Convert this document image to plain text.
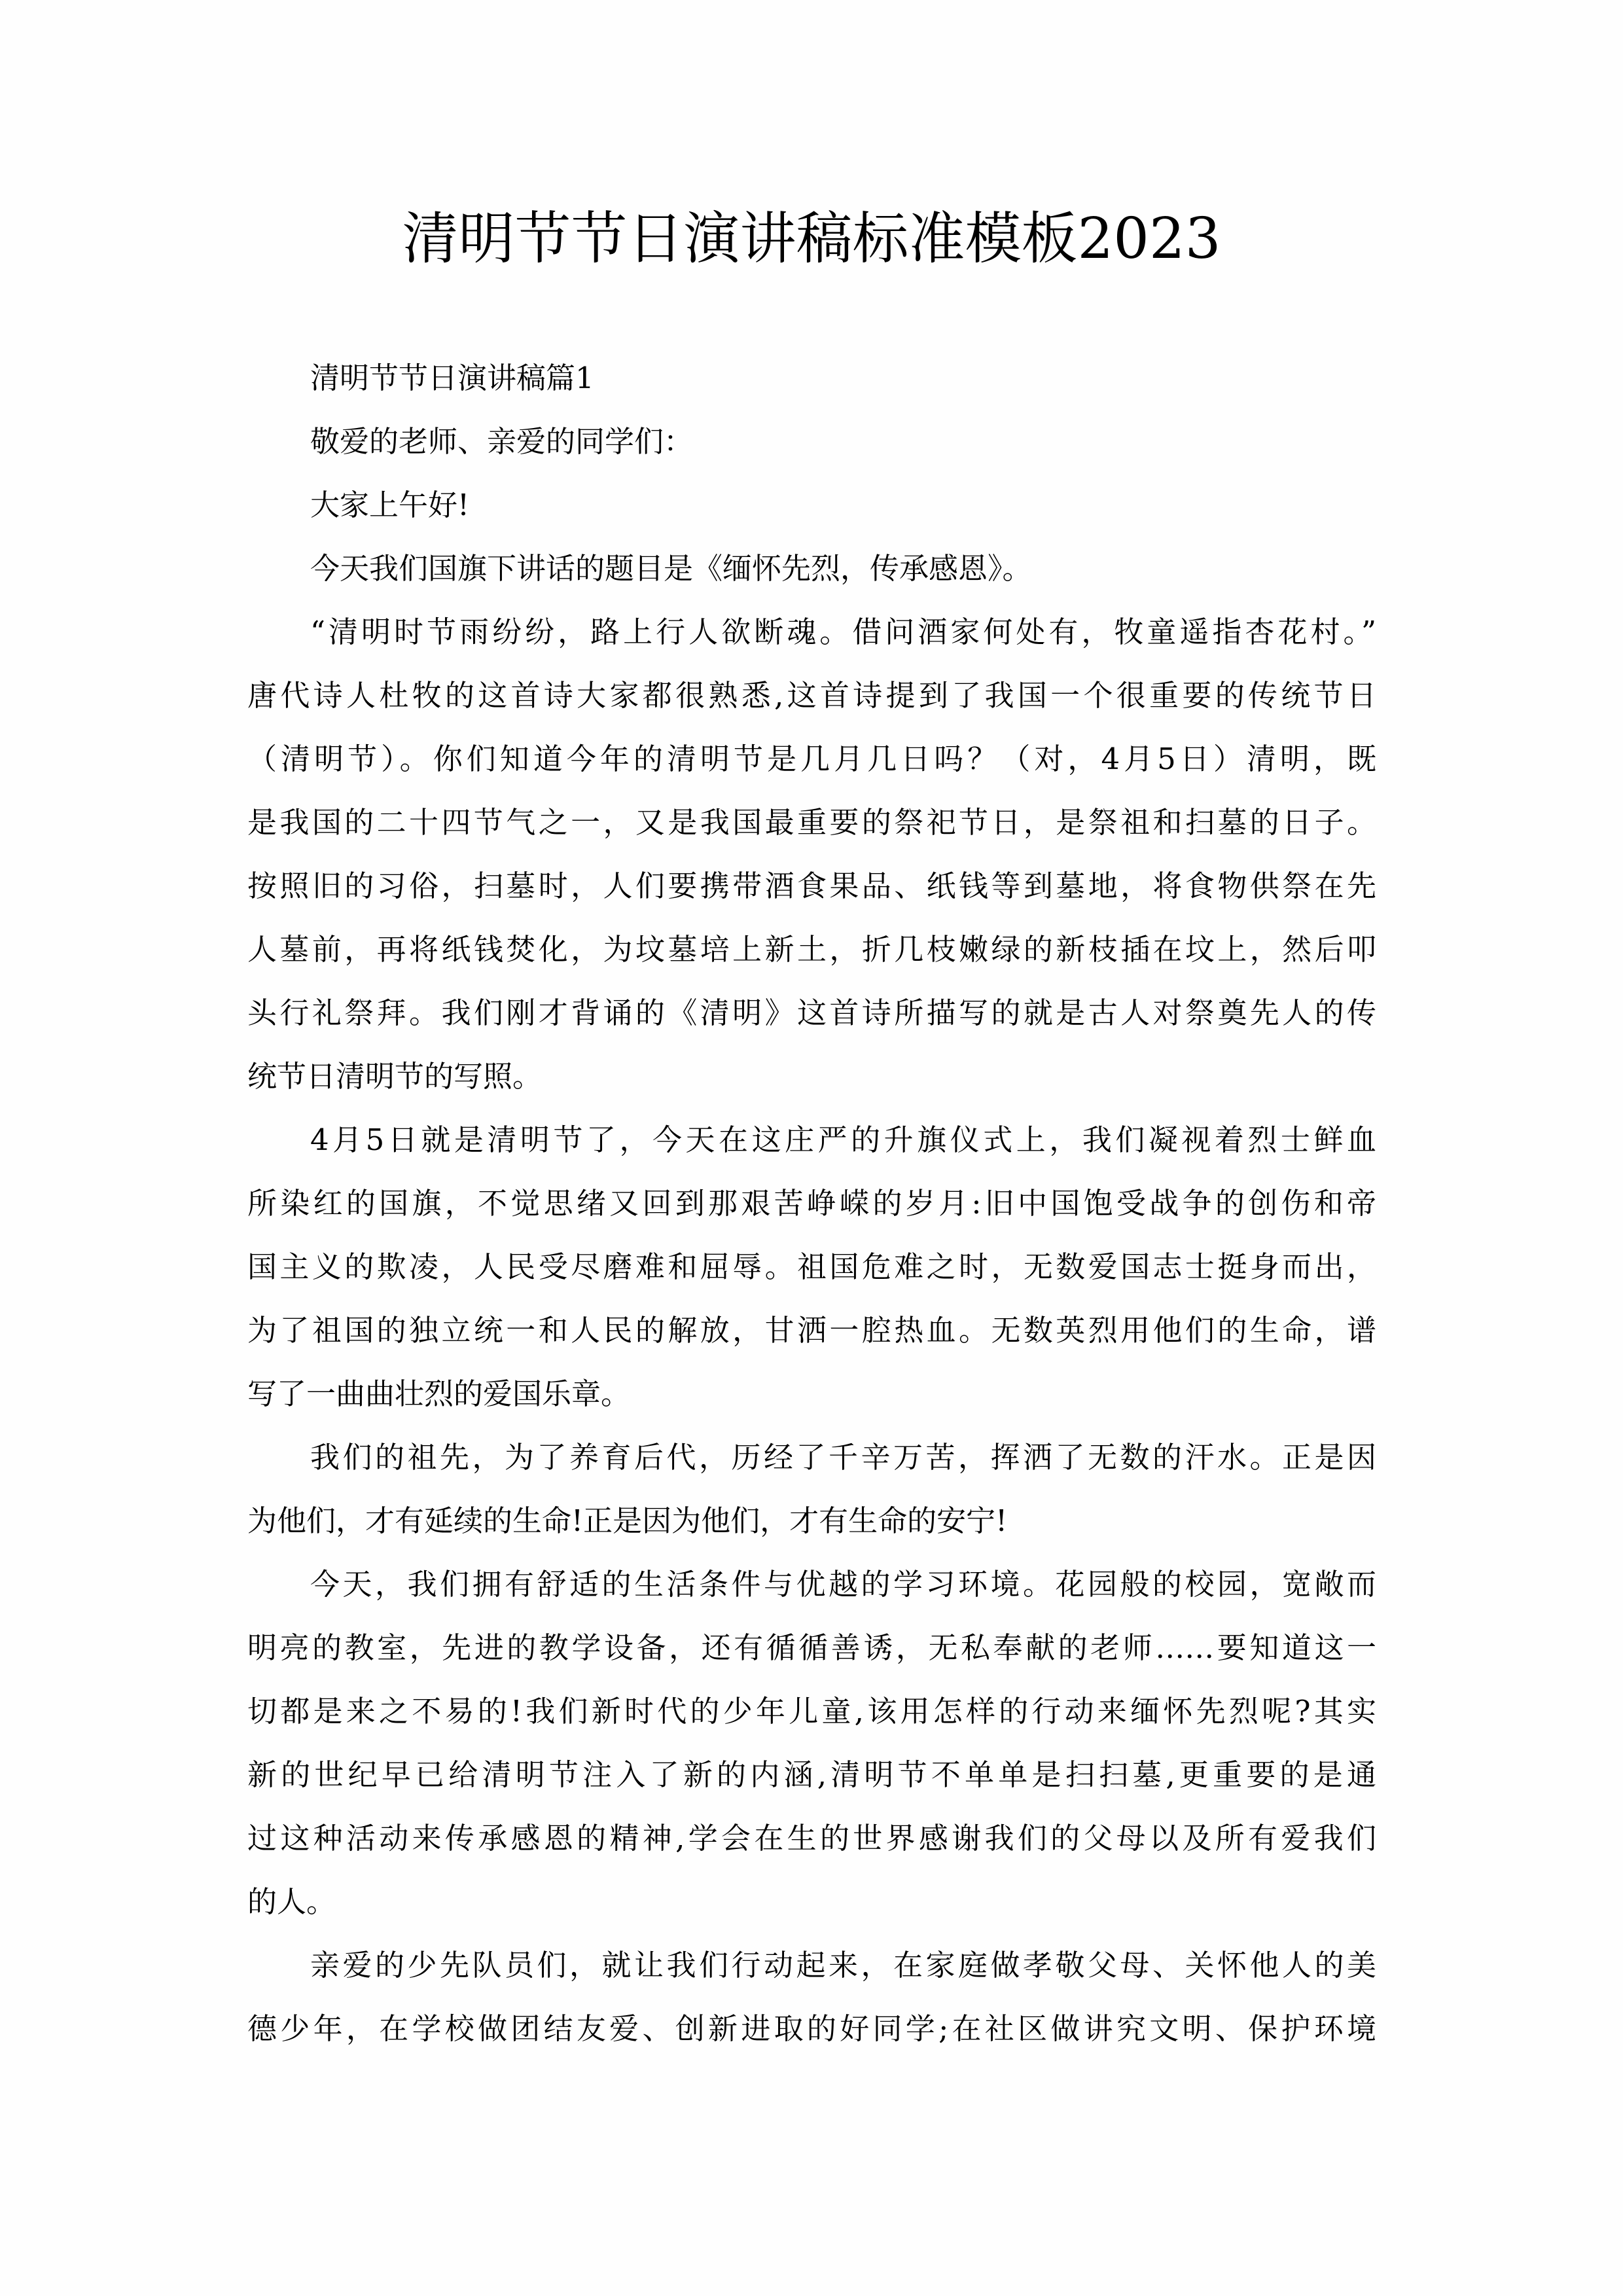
清明节节日演讲稿标准模板2023
清明节节日演讲稿篇1
敬爱的老师、亲爱的同学们：
大家上午好!
今天我们国旗下讲话的题目是《缅怀先烈，传承感恩》。
“清明时节雨纷纷，路上行人欲断魂。借问酒家何处有，牧童遥指杏花村。”
唐代诗人杜牧的这首诗大家都很熟悉,这首诗提到了我国一个很重要的传统节日
（清明节）。你们知道今年的清明节是几月几日吗？（对，4月5日）清明，既
是我国的二十四节气之一，又是我国最重要的祭祀节日，是祭祖和扫墓的日子。
按照旧的习俗，扫墓时，人们要携带酒食果品、纸钱等到墓地，将食物供祭在先
人墓前，再将纸钱焚化，为坟墓培上新土，折几枝嫩绿的新枝插在坟上，然后叩
头行礼祭拜。我们刚才背诵的《清明》这首诗所描写的就是古人对祭奠先人的传
统节日清明节的写照。
4月5日就是清明节了，今天在这庄严的升旗仪式上，我们凝视着烈士鲜血
所染红的国旗，不觉思绪又回到那艰苦峥嵘的岁月:旧中国饱受战争的创伤和帝
国主义的欺凌，人民受尽磨难和屈辱。祖国危难之时，无数爱国志士挺身而出，
为了祖国的独立统一和人民的解放，甘洒一腔热血。无数英烈用他们的生命，谱
写了一曲曲壮烈的爱国乐章。
我们的祖先，为了养育后代，历经了千辛万苦，挥洒了无数的汗水。正是因
为他们，才有延续的生命!正是因为他们，才有生命的安宁!
今天，我们拥有舒适的生活条件与优越的学习环境。花园般的校园，宽敞而
明亮的教室，先进的教学设备，还有循循善诱，无私奉献的老师……要知道这一
切都是来之不易的!我们新时代的少年儿童,该用怎样的行动来缅怀先烈呢?其实
新的世纪早已给清明节注入了新的内涵,清明节不单单是扫扫墓,更重要的是通
过这种活动来传承感恩的精神,学会在生的世界感谢我们的父母以及所有爱我们
的人。
亲爱的少先队员们，就让我们行动起来，在家庭做孝敬父母、关怀他人的美
德少年，在学校做团结友爱、创新进取的好同学;在社区做讲究文明、保护环境
